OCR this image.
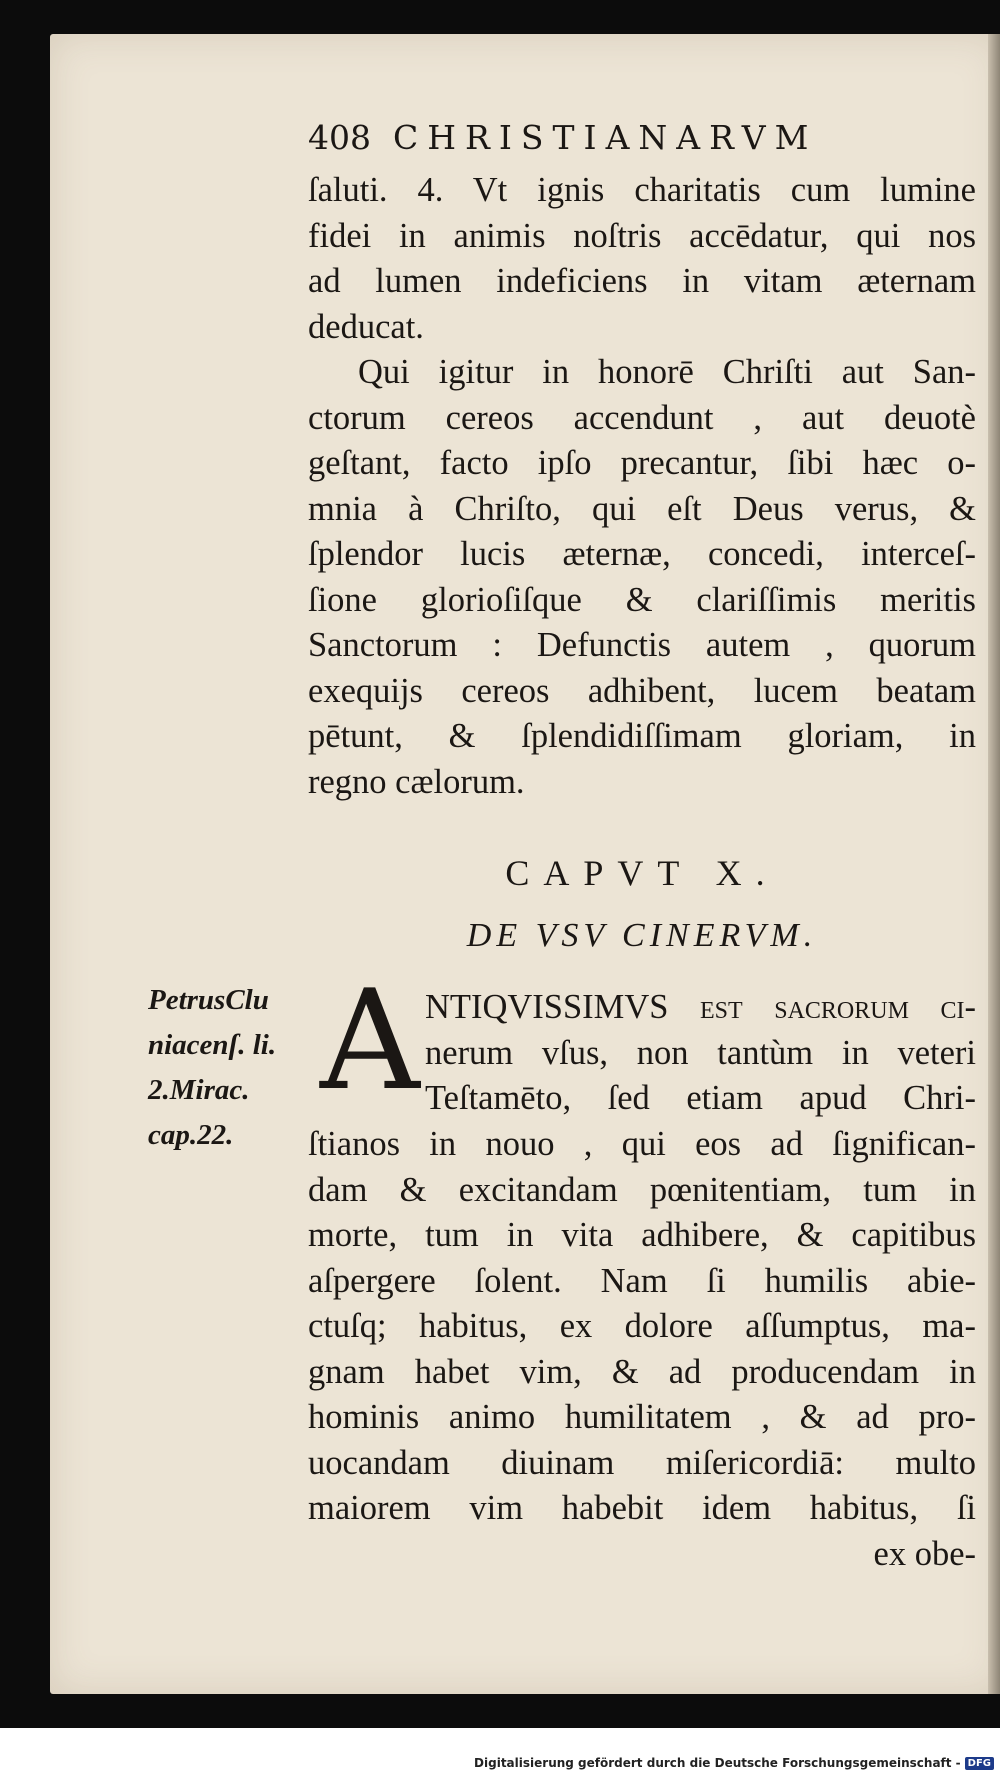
408 CHRISTIANARVM
ſaluti. 4. Vt ignis charitatis cum lumine
fidei in animis noſtris accēdatur, qui nos
ad lumen indeficiens in vitam æternam
deducat.
Qui igitur in honorē Chriſti aut San-
ctorum cereos accendunt , aut deuotè
geſtant, facto ipſo precantur, ſibi hæc o-
mnia à Chriſto, qui eſt Deus verus, &
ſplendor lucis æternæ, concedi, interceſ-
ſione glorioſiſque & clariſſimis meritis
Sanctorum : Defunctis autem , quorum
exequijs cereos adhibent, lucem beatam
pētunt, & ſplendidiſſimam gloriam, in
regno cælorum.
CAPVT X.
DE VSV CINERVM.
PetrusClu
niacenſ. li.
2.Mirac.
cap.22.
A NTIQVISSIMVS eſt ſacrorum ci-
nerum vſus, non tantùm in veteri
Teſtamēto, ſed etiam apud Chri-
ſtianos in nouo , qui eos ad ſignifican-
dam & excitandam pœnitentiam, tum in
morte, tum in vita adhibere, & capitibus
aſpergere ſolent. Nam ſi humilis abie-
ctuſq; habitus, ex dolore aſſumptus, ma-
gnam habet vim, & ad producendam in
hominis animo humilitatem , & ad pro-
uocandam diuinam miſericordiā: multo
maiorem vim habebit idem habitus, ſi
ex obe-
Digitalisierung gefördert durch die Deutsche Forschungsgemeinschaft - DFG
